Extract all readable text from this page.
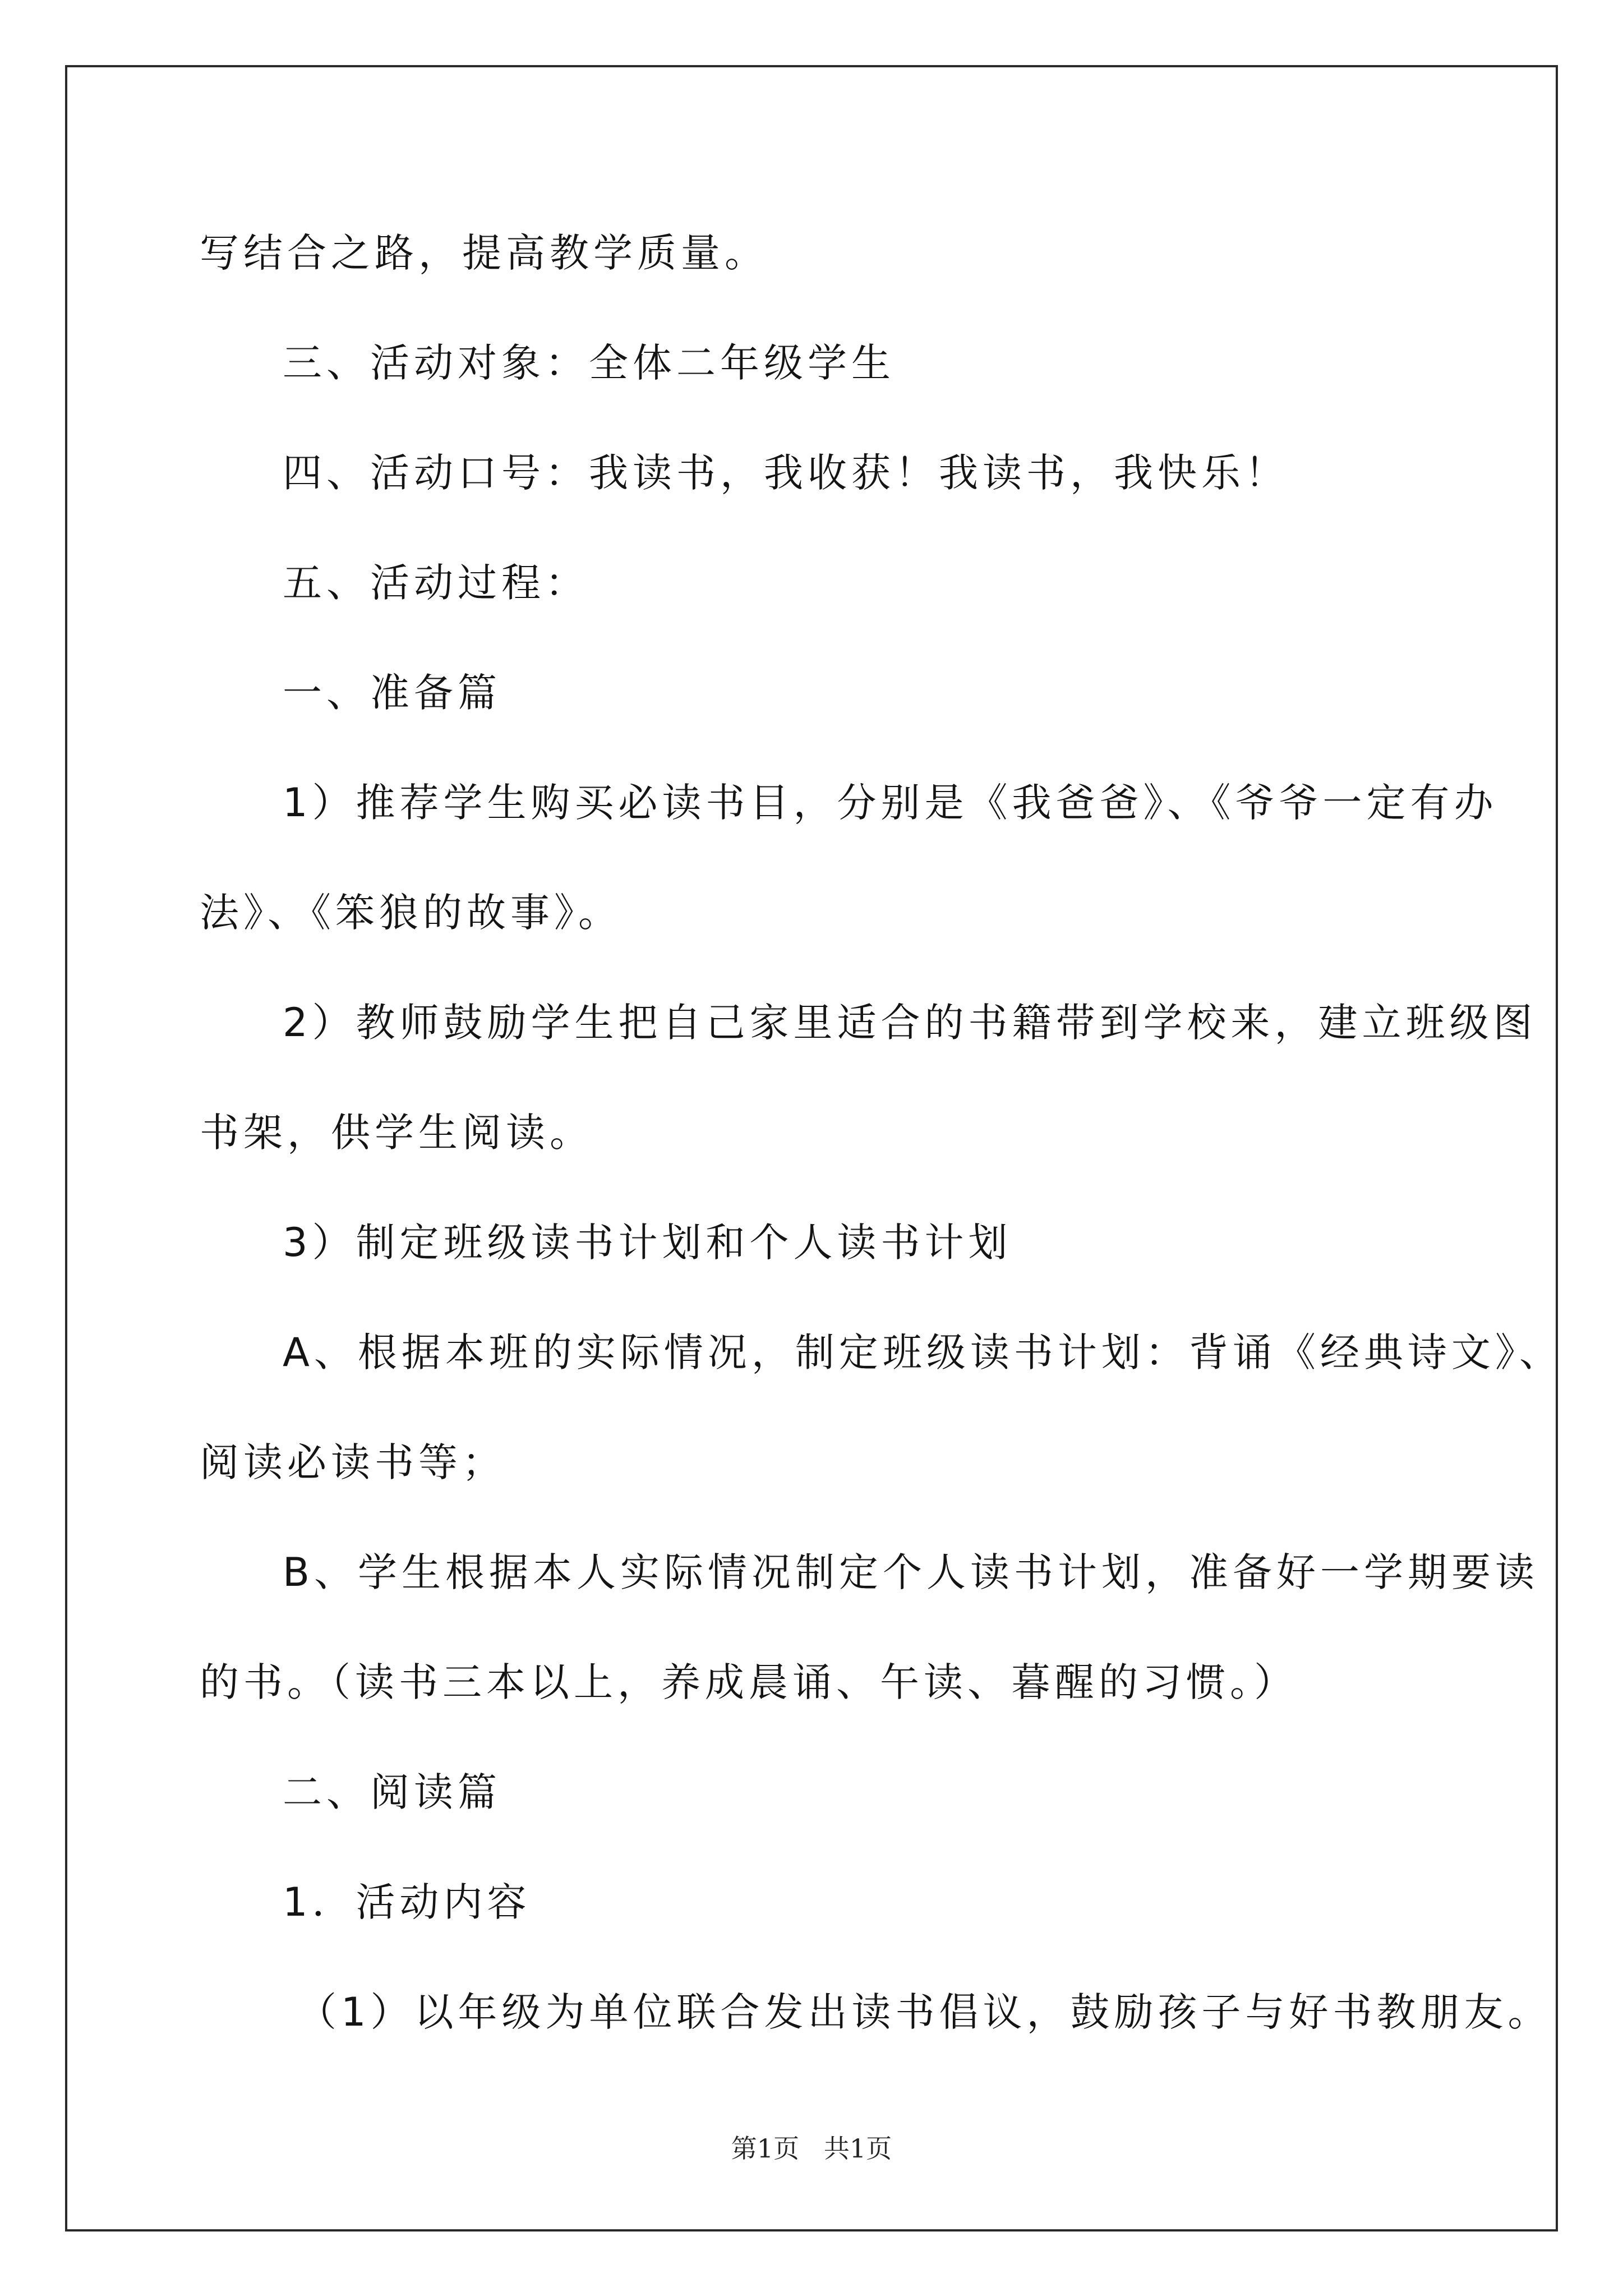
写结合之路，提高教学质量。

三、活动对象：全体二年级学生

四、活动口号：我读书，我收获！我读书，我快乐！

五、活动过程：

一、准备篇

1）推荐学生购买必读书目，分别是《我爸爸》、《爷爷一定有办

法》、《笨狼的故事》。

2）教师鼓励学生把自己家里适合的书籍带到学校来，建立班级图

书架，供学生阅读。

3）制定班级读书计划和个人读书计划

A、根据本班的实际情况，制定班级读书计划：背诵《经典诗文》、

阅读必读书等；

B、学生根据本人实际情况制定个人读书计划，准备好一学期要读

的书。（读书三本以上，养成晨诵、午读、暮醒的习惯。）

二、阅读篇

1．活动内容

（1）以年级为单位联合发出读书倡议，鼓励孩子与好书教朋友。

第1页   共1页
